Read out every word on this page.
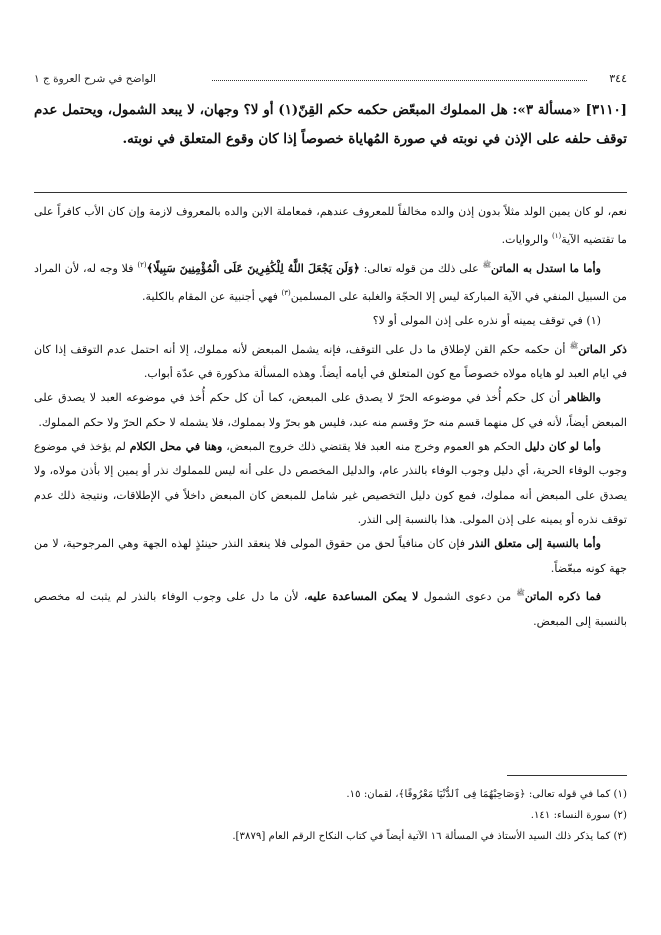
٣٤٤
الواضح في شرح العروة ج ١
[٣١١٠] «مسألة ٣»: هل المملوك المبعّض حكمه حكم القِنّ(١) أو لا؟ وجهان، لا يبعد الشمول، ويحتمل عدم توقف حلفه على الإذن في نوبته في صورة المُهاياة خصوصاً إذا كان وقوع المتعلق في نوبته.

نعم، لو كان يمين الولد مثلاً بدون إذن والده مخالفاً للمعروف عندهم، فمعاملة الابن والده بالمعروف لازمة وإن كان الأب كافراً على ما تقتضيه الآية$^{(١)}$ والروايات.

وأما ما استدل به الماتن$^ﷺ$ على ذلك من قوله تعالى: ﴿وَلَن يَجْعَلَ اللَّهُ لِلْكَٰفِرِينَ عَلَى الْمُؤْمِنِينَ سَبِيلًا﴾$^{(٢)}$ فلا وجه له، لأن المراد من السبيل المنفي في الآية المباركة ليس إلا الحجّة والغلبة على المسلمين$^{(٣)}$ فهي أجنبية عن المقام بالكلية.

(١) في توقف يمينه أو نذره على إذن المولى أو لا؟

ذكر الماتن$^ﷺ$ أن حكمه حكم القن لإطلاق ما دل على التوقف، فإنه يشمل المبعض لأنه مملوك، إلا أنه احتمل عدم التوقف إذا كان في ايام العبد لو هاياه مولاه خصوصاً مع كون المتعلق في أيامه أيضاً. وهذه المسألة مذكورة في عدّة أبواب.

والظاهر أن كل حكم أُخذ في موضوعه الحرّ لا يصدق على المبعض، كما أن كل حكم أُخذ في موضوعه العبد لا يصدق على المبعض أيضاً، لأنه في كل منهما قسم منه حرّ وقسم منه عبد، فليس هو بحرّ ولا بمملوك، فلا يشمله لا حكم الحرّ ولا حكم المملوك.

وأما لو كان دليل الحكم هو العموم وخرج منه العبد فلا يقتضي ذلك خروج المبعض، وهنا في محل الكلام لم يؤخذ في موضوع وجوب الوفاء الحرية، أي دليل وجوب الوفاء بالنذر عام، والدليل المخصص دل على أنه ليس للمملوك نذر أو يمين إلا بأذن مولاه، ولا يصدق على المبعض أنه مملوك، فمع كون دليل التخصيص غير شامل للمبعض كان المبعض داخلاً في الإطلاقات، ونتيجة ذلك عدم توقف نذره أو يمينه على إذن المولى. هذا بالنسبة إلى النذر.

وأما بالنسبة إلى متعلق النذر فإن كان منافياً لحق من حقوق المولى فلا ينعقد النذر حينئذٍ لهذه الجهة وهي المرجوحية، لا من جهة كونه مبعّضاً.

فما ذكره الماتن$^ﷺ$ من دعوى الشمول لا يمكن المساعدة عليه، لأن ما دل على وجوب الوفاء بالنذر لم يثبت له مخصص بالنسبة إلى المبعض.

(١) كما في قوله تعالى: ﴿وَصَاحِبْهُمَا فِى ٱلدُّنْيَا مَعْرُوفًا﴾، لقمان: ١٥.

(٢) سورة النساء: ١٤١.

(٣) كما يذكر ذلك السيد الأستاذ في المسألة ١٦ الآتية أيضاً في كتاب النكاح الرقم العام [٣٨٧٩].
